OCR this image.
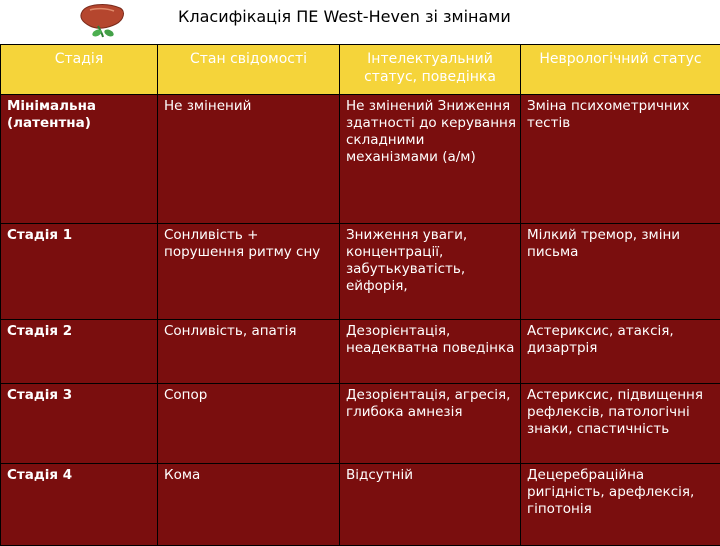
Класифікація ПЕ West-Heven зі змінами
Стадія	Стан свідомості	Інтелектуальний статус, поведінка	Неврологічний статус
Мінімальна (латентна)	Не змінений	Не змінений Зниження здатності до керування складними механізмами (а/м)	Зміна психометричних тестів
Стадія 1	Сонливість + порушення ритму сну	Зниження уваги, концентрації, забутькуватість, ейфорія,	Мілкий тремор, зміни письма
Стадія 2	Сонливість, апатія	Дезорієнтація, неадекватна поведінка	Астериксис, атаксія, дизартрія
Стадія 3	Сопор	Дезорієнтація, агресія, глибока амнезія	Астериксис, підвищення рефлексів, патологічні знаки, спастичність
Стадія 4	Кома	Відсутній	Децеребраційна ригідність, арефлексія, гіпотонія
